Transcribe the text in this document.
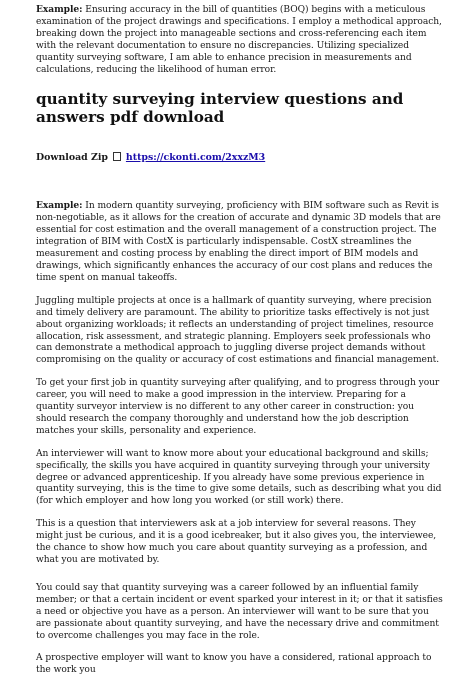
Example: Ensuring accuracy in the bill of quantities (BOQ) begins with a meticulous examination of the project drawings and specifications. I employ a methodical approach, breaking down the project into manageable sections and cross-referencing each item with the relevant documentation to ensure no discrepancies. Utilizing specialized quantity surveying software, I am able to enhance precision in measurements and calculations, reducing the likelihood of human error.

quantity surveying interview questions and answers pdf download
Download Zip https://ckonti.com/2xxzM3

Example: In modern quantity surveying, proficiency with BIM software such as Revit is non-negotiable, as it allows for the creation of accurate and dynamic 3D models that are essential for cost estimation and the overall management of a construction project. The integration of BIM with CostX is particularly indispensable. CostX streamlines the measurement and costing process by enabling the direct import of BIM models and drawings, which significantly enhances the accuracy of our cost plans and reduces the time spent on manual takeoffs.

Juggling multiple projects at once is a hallmark of quantity surveying, where precision and timely delivery are paramount. The ability to prioritize tasks effectively is not just about organizing workloads; it reflects an understanding of project timelines, resource allocation, risk assessment, and strategic planning. Employers seek professionals who can demonstrate a methodical approach to juggling diverse project demands without compromising on the quality or accuracy of cost estimations and financial management.

To get your first job in quantity surveying after qualifying, and to progress through your career, you will need to make a good impression in the interview. Preparing for a quantity surveyor interview is no different to any other career in construction: you should research the company thoroughly and understand how the job description matches your skills, personality and experience.

An interviewer will want to know more about your educational background and skills; specifically, the skills you have acquired in quantity surveying through your university degree or advanced apprenticeship. If you already have some previous experience in quantity surveying, this is the time to give some details, such as describing what you did (for which employer and how long you worked (or still work) there.

This is a question that interviewers ask at a job interview for several reasons. They might just be curious, and it is a good icebreaker, but it also gives you, the interviewee, the chance to show how much you care about quantity surveying as a profession, and what you are motivated by.

You could say that quantity surveying was a career followed by an influential family member; or that a certain incident or event sparked your interest in it; or that it satisfies a need or objective you have as a person. An interviewer will want to be sure that you are passionate about quantity surveying, and have the necessary drive and commitment to overcome challenges you may face in the role.

A prospective employer will want to know you have a considered, rational approach to the work you
